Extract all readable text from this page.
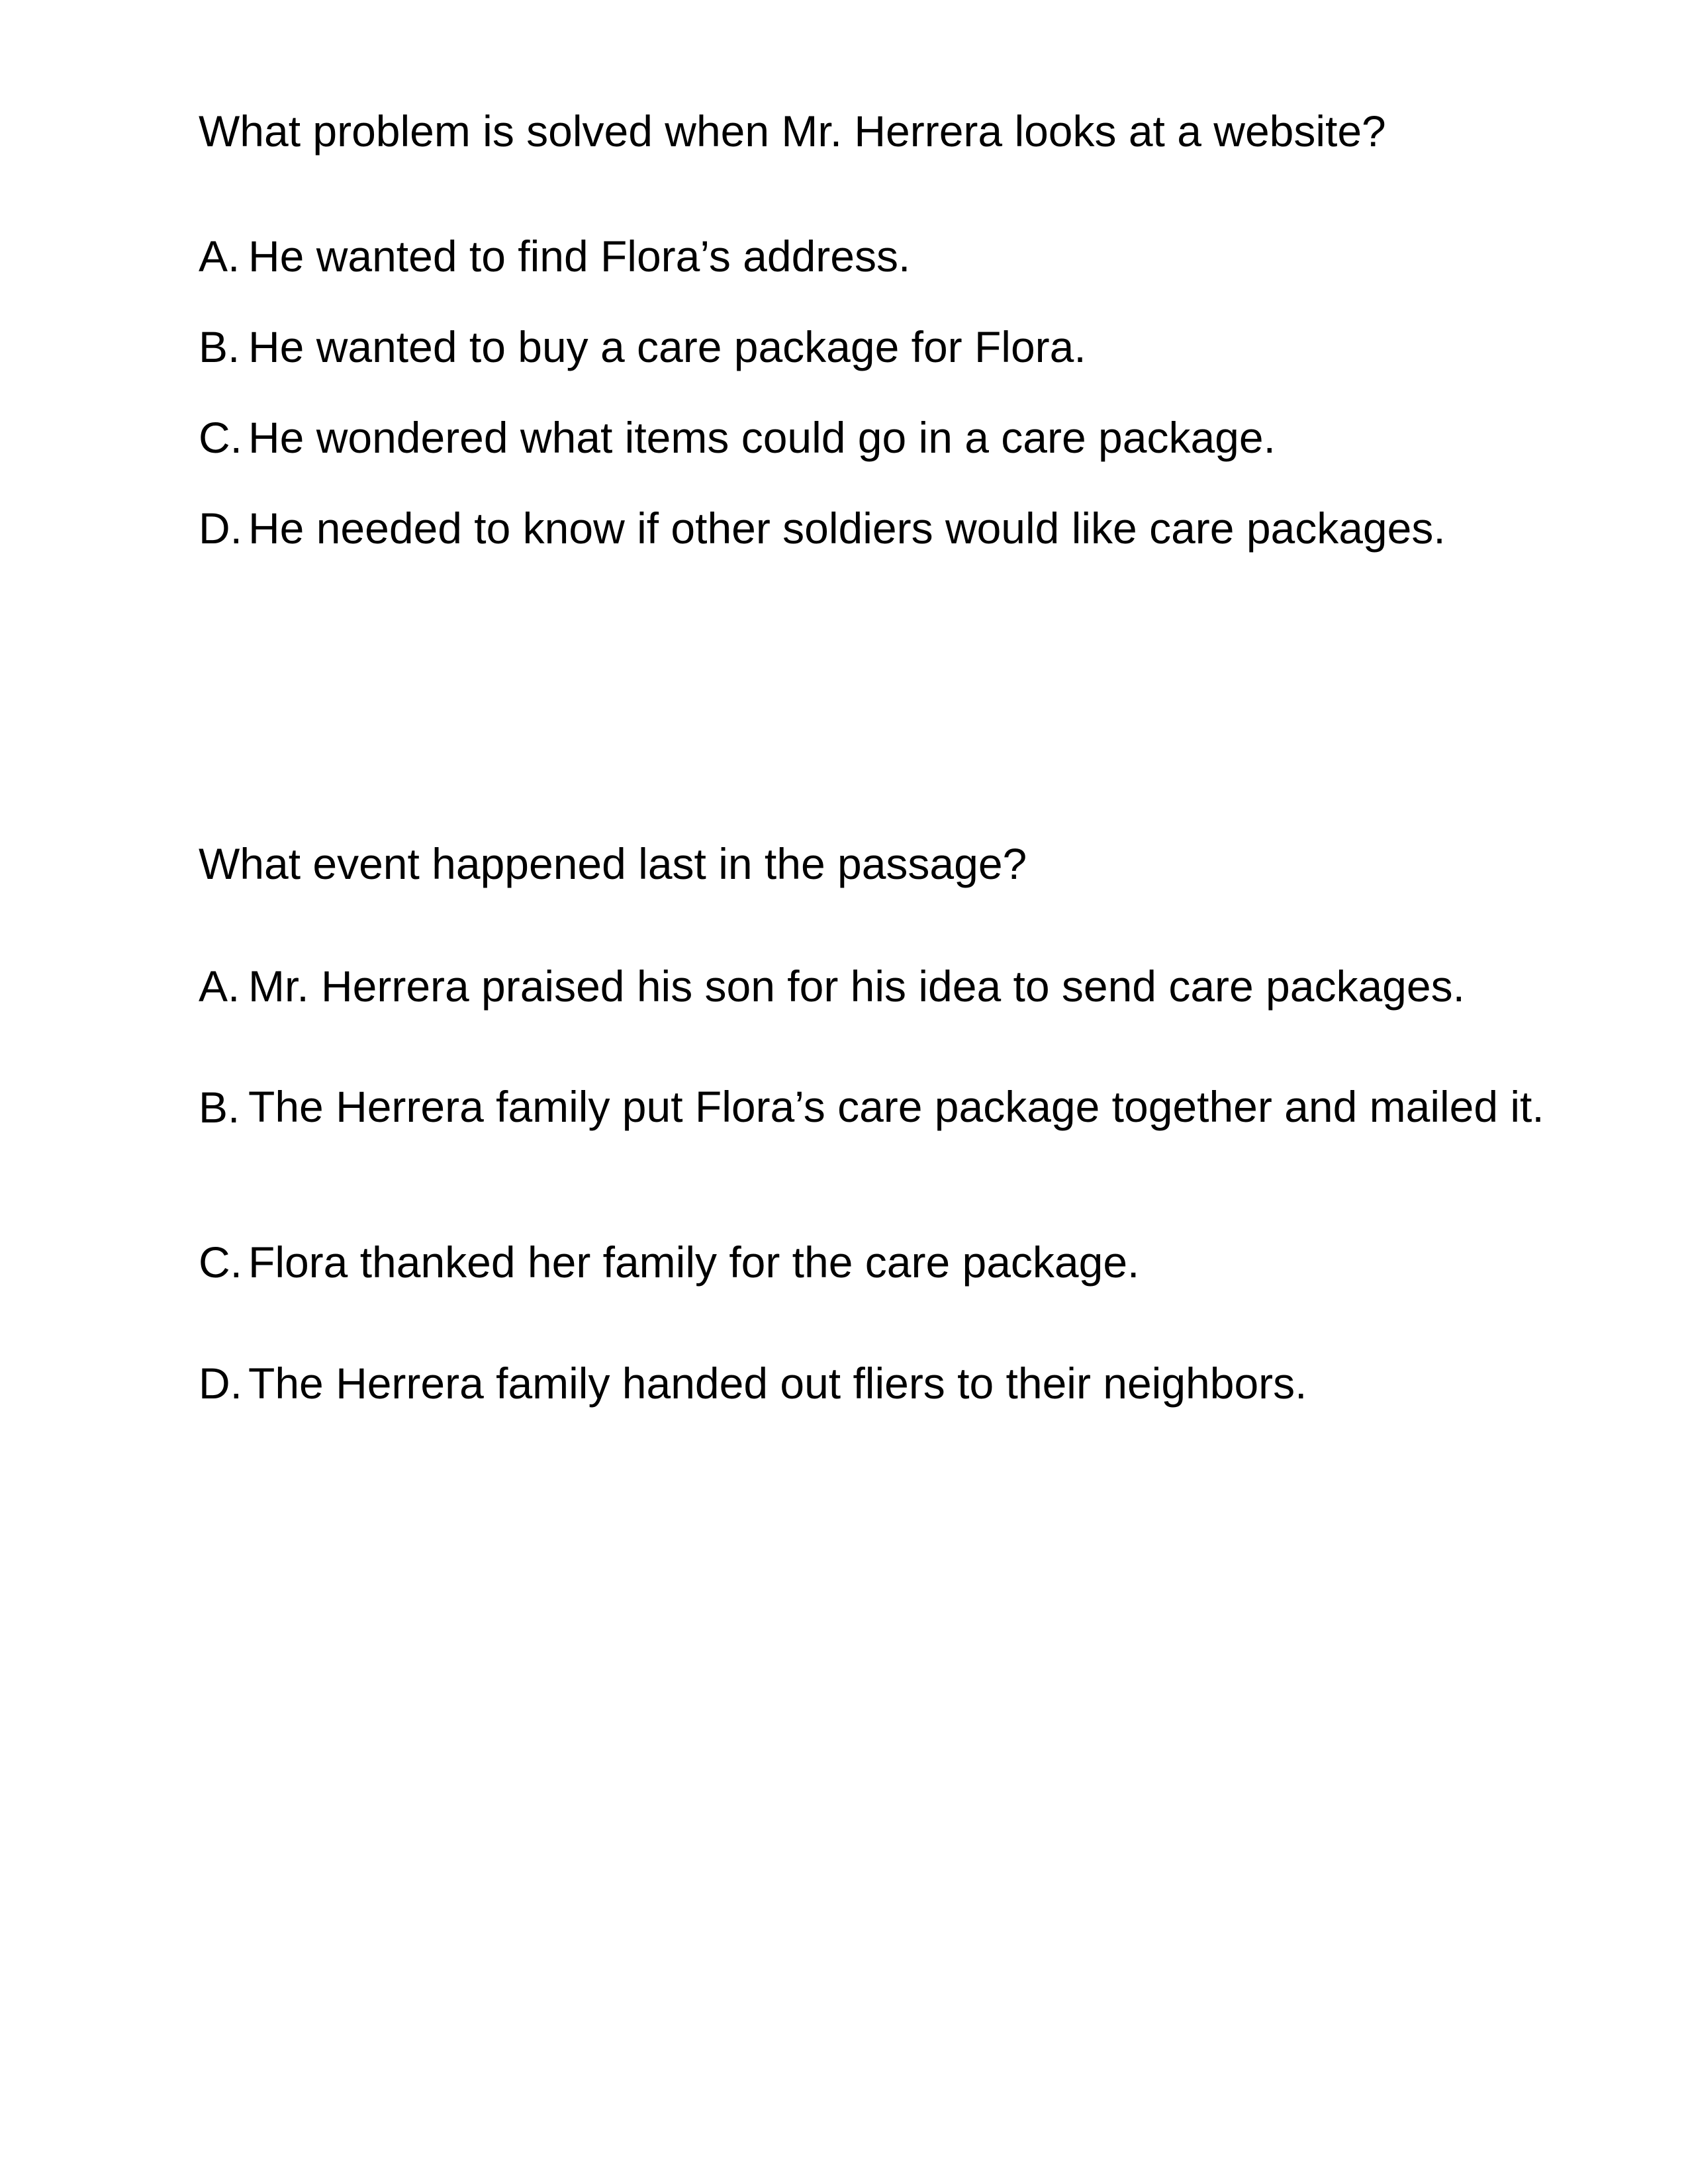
What problem is solved when Mr. Herrera looks at a website?

A. He wanted to find Flora’s address.
B. He wanted to buy a care package for Flora.
C. He wondered what items could go in a care package.
D. He needed to know if other soldiers would like care packages.

What event happened last in the passage?

A. Mr. Herrera praised his son for his idea to send care packages.
B. The Herrera family put Flora’s care package together and mailed it.
C. Flora thanked her family for the care package.
D. The Herrera family handed out fliers to their neighbors.
